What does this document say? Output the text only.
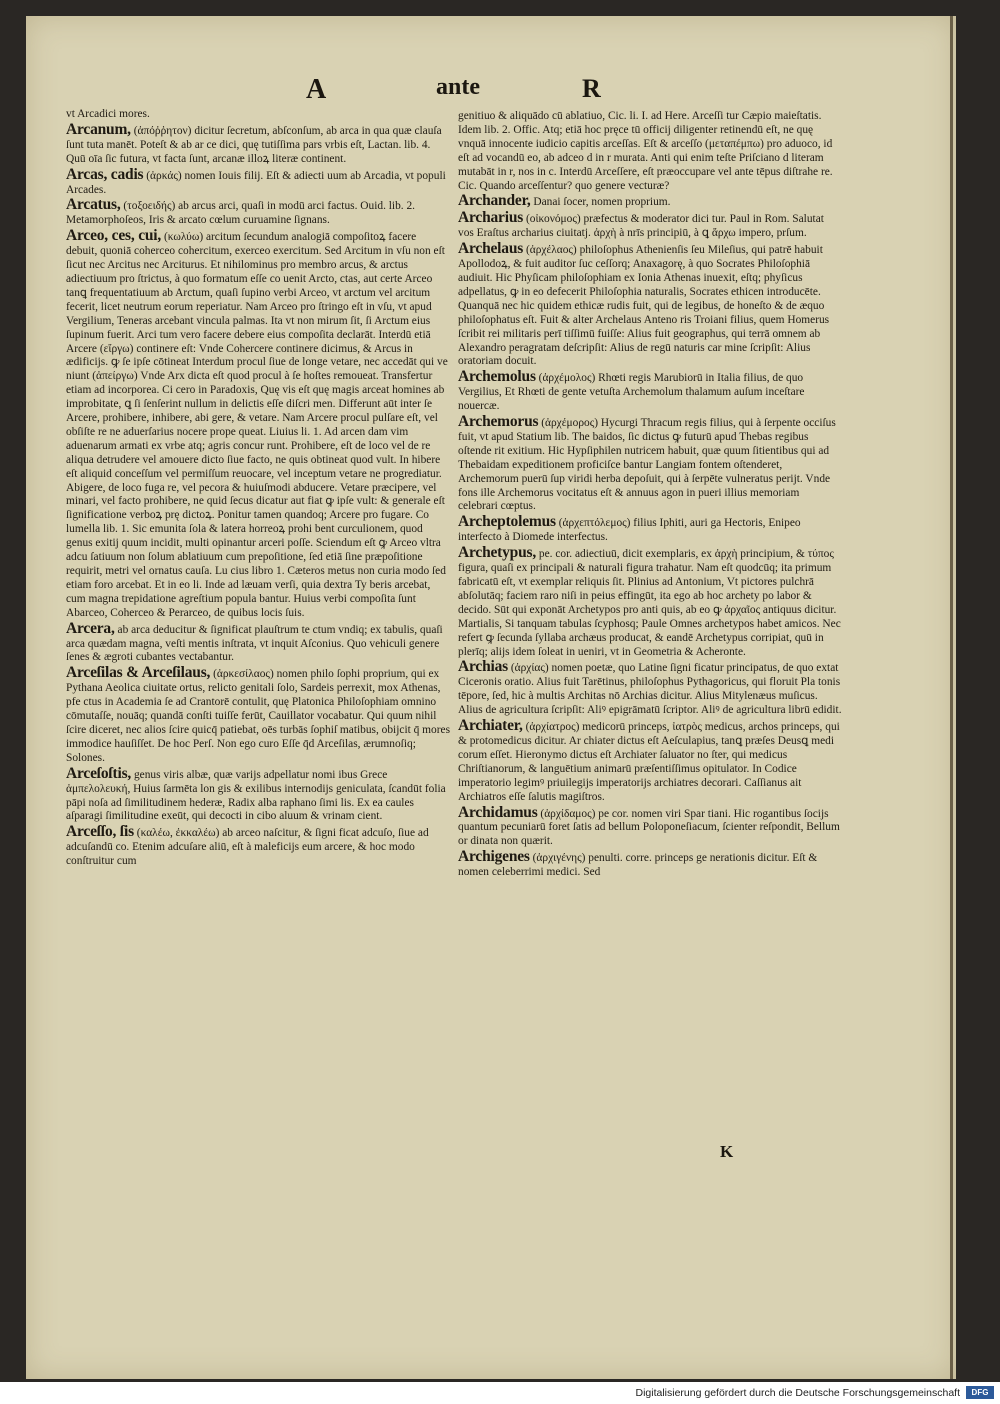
A	ante	R

vt Arcadici mores.

Arcanum, (ἀπόῤῥητον) dicitur ſecretum, abſconſum, ab arca in qua quæ clauſa ſunt tuta manēt. Poteſt & ab ar ce dici, quę tutiſſima pars vrbis eſt, Lactan. lib. 4. Quū oīa ſic futura, vt facta ſunt, arcanæ illoꝝ literæ continent.

Arcas, cadis (ἀρκάς) nomen Iouis filij. Eſt & adiecti uum ab Arcadia, vt populi Arcades.

Arcatus, (τοξοειδής) ab arcus arci, quaſi in modū arci factus. Ouid. lib. 2. Metamorphoſeos, Iris & arcato cœlum curuamine ſignans.

Arceo, ces, cui, (κωλύω) arcitum ſecundum analogiā compoſitoꝝ facere debuit, quoniā coherceo cohercitum, exerceo exercitum. Sed Arcitum in vſu non eſt ſicut nec Arcitus nec Arciturus. Et nihilominus pro membro arcus, & arctus adiectiuum pro ſtrictus, à quo formatum eſſe co uenit Arcto, ctas, aut certe Arceo tanꝗ frequentatiuum ab Arctum, quaſi ſupino verbi Arceo, vt arctum vel arcitum fecerit, licet neutrum eorum reperiatur. Nam Arceo pro ſtringo eſt in vſu, vt apud Vergilium, Teneras arcebant vincula palmas. Ita vt non mirum ſit, ſi Arctum eius ſupinum fuerit. Arci tum vero facere debere eius compoſita declarāt. Interdū etiā Arcere (εἴργω) continere eſt: Vnde Cohercere continere dicimus, & Arcus in ædificijs. ꝙ ſe ipſe cōtineat Interdum procul ſiue de longe vetare, nec accedāt qui ve niunt (ἀπείργω) Vnde Arx dicta eſt quod procul à ſe hoſtes remoueat. Transfertur etiam ad incorporea. Ci cero in Paradoxis, Quę vis eſt quę magis arceat homines ab improbitate, ꝗ ſi ſenſerint nullum in delictis eſſe diſcri men. Differunt aūt inter ſe Arcere, prohibere, inhibere, abi gere, & vetare. Nam Arcere procul pulſare eſt, vel obſiſte re ne aduerſarius nocere prope queat. Liuius li. 1. Ad arcen dam vim aduenarum armati ex vrbe atq; agris concur runt. Prohibere, eſt de loco vel de re aliqua detrudere vel amouere dicto ſiue facto, ne quis obtineat quod vult. In hibere eſt aliquid conceſſum vel permiſſum reuocare, vel inceptum vetare ne progrediatur. Abigere, de loco fuga re, vel pecora & huiuſmodi abducere. Vetare præcipere, vel minari, vel facto prohibere, ne quid ſecus dicatur aut fiat ꝙ ipſe vult: & generale eſt ſignificatione verboꝝ prę dictoꝝ. Ponitur tamen quandoq; Arcere pro fugare. Co lumella lib. 1. Sic emunita ſola & latera horreoꝝ prohi bent curculionem, quod genus exitij quum incidit, multi opinantur arceri poſſe. Sciendum eſt ꝙ Arceo vltra adcu ſatiuum non ſolum ablatiuum cum prepoſitione, ſed etiā ſine præpoſitione requirit, metri vel ornatus cauſa. Lu cius libro 1. Cæteros metus non curia modo ſed etiam foro arcebat. Et in eo li. Inde ad læuam verſi, quia dextra Ty beris arcebat, cum magna trepidatione agreſtium popula bantur. Huius verbi compoſita ſunt Abarceo, Coherceo & Perarceo, de quibus locis ſuis.

Arcera, ab arca deducitur & ſignificat plauſtrum te ctum vndiq; ex tabulis, quaſi arca quædam magna, veſti mentis inſtrata, vt inquit Aſconius. Quo vehiculi genere ſenes & ægroti cubantes vectabantur.

Arceſilas & Arceſilaus, (ἀρκεσίλαος) nomen philo ſophi proprium, qui ex Pythana Aeolica ciuitate ortus, relicto genitali ſolo, Sardeis perrexit, mox Athenas, pfe ctus in Academia ſe ad Crantorē contulit, quę Platonica Philoſophiam omnino cōmutaſſe, nouāq; quandā conſti tuiſſe ferūt, Cauillator vocabatur. Qui quum nihil ſcire diceret, nec alios ſcire quicq̄ patiebat, oēs turbās ſophiſ matibus, obijcit q̄ mores immodice hauſiſſet. De hoc Perſ. Non ego curo Eſſe q̄d Arceſilas, ærumnoſiq; Solones.

Arceſoſtis, genus viris albæ, quæ varijs adpellatur nomi ibus Grece ἀμπελολευκή, Huius ſarmēta lon gis & exilibus internodijs geniculata, ſcandūt folia pāpi noſa ad ſimilitudinem hederæ, Radix alba raphano ſimi lis. Ex ea caules aſparagi ſimilitudine exeūt, qui decocti in cibo aluum & vrinam cient.

Arceſſo, ſis (καλέω, ἐκκαλέω) ab arceo naſcitur, & ſigni ficat adcuſo, ſiue ad adcuſandū co. Etenim adcuſare aliū, eſt à maleficijs eum arcere, & hoc modo conſtruitur cum

genitiuo & aliquādo cū ablatiuo, Cic. li. I. ad Here. Arceſſi tur Cæpio maieſtatis. Idem lib. 2. Offic. Atq; etiā hoc pręce tū officij diligenter retinendū eſt, ne quę vnquā innocente iudicio capitis arceſſas. Eſt & arceſſo (μεταπέμπω) pro aduoco, id eſt ad vocandū eo, ab adceo d in r murata. Anti qui enim teſte Priſciano d literam mutabāt in r, nos in c. Interdū Arceſſere, eſt præoccupare vel ante tēpus diſtrahe re. Cic. Quando arceſſentur? quo genere vecturæ?

Archander, Danai ſocer, nomen proprium.

Archarius (οἰκονόμος) præfectus & moderator dici tur. Paul in Rom. Salutat vos Eraſtus archarius ciuitatj. ἀρχὴ à nrīs principiū, à ꝗ ἄρχω impero, prſum.

Archelaus (ἀρχέλαος) philoſophus Athenienſis ſeu Mileſius, qui patrē habuit Apollodoꝝ, & fuit auditor ſuc ceſſorq; Anaxagorę, à quo Socrates Philoſophiā audiuit. Hic Phyſicam philoſophiam ex Ionia Athenas inuexit, eſtq; phyſicus adpellatus, ꝙ in eo defecerit Philoſophia naturalis, Socrates ethicen introducēte. Quanquā nec hic quidem ethicæ rudis fuit, qui de legibus, de honeſto & de æquo philoſophatus eſt. Fuit & alter Archelaus Anteno ris Troiani filius, quem Homerus ſcribit rei militaris perī tiſſimū fuiſſe: Alius fuit geographus, qui terrā omnem ab Alexandro peragratam deſcripſit: Alius de regū naturis car mine ſcripſit: Alius oratoriam docuit.

Archemolus (ἀρχέμολος) Rhœti regis Marubiorū in Italia filius, de quo Vergilius, Et Rhœti de gente vetuſta Archemolum thalamum auſum inceſtare nouercæ.

Archemorus (ἀρχέμορος) Hycurgi Thracum regis filius, qui à ſerpente occiſus fuit, vt apud Statium lib. The baidos, ſic dictus ꝙ futurū apud Thebas regibus oſtende rit exitium. Hic Hypſiphilen nutricem habuit, quæ quum ſitientibus qui ad Thebaidam expeditionem proficiſce bantur Langiam fontem oſtenderet, Archemorum puerū ſup viridi herba depoſuit, qui à ſerpēte vulneratus perijt. Vnde fons ille Archemorus vocitatus eſt & annuus agon in pueri illius memoriam celebrari cœptus.

Archeptolemus (ἀρχεπτόλεμος) filius Iphiti, auri ga Hectoris, Enipeo interfecto à Diomede interfectus.

Archetypus, pe. cor. adiectiuū, dicit exemplaris, ex ἀρχὴ principium, & τύπος figura, quaſi ex principali & naturali figura trahatur. Nam eſt quodcūq; ita primum fabricatū eſt, vt exemplar reliquis ſit. Plinius ad Antonium, Vt pictores pulchrā abſolutāq; faciem raro niſi in peius effingūt, ita ego ab hoc archety po labor & decido. Sūt qui exponāt Archetypos pro anti quis, ab eo ꝙ ἀρχαῖος antiquus dicitur. Martialis, Si tanquam tabulas ſcyphosq; Paule Omnes archetypos habet amicos. Nec refert ꝙ ſecunda ſyllaba archæus producat, & eandē Archetypus corripiat, quū in plerīq; alijs idem ſoleat in ueniri, vt in Geometria & Acheronte.

Archias (ἀρχίας) nomen poetæ, quo Latine ſigni ficatur principatus, de quo extat Ciceronis oratio. Alius fuit Tarētinus, philoſophus Pythagoricus, qui floruit Pla tonis tēpore, ſed, hic à multis Architas nō Archias dicitur. Alius Mitylenæus muſicus. Alius de agricultura ſcripſit: Aliꝰ epigrāmatū ſcriptor. Aliꝰ de agricultura librū edidit.

Archiater, (ἀρχίατρος) medicorū princeps, ἰατρὸς medicus, archos princeps, qui & protomedicus dicitur. Ar chiater dictus eſt Aeſculapius, tanꝗ præſes Deusꝗ medi corum eſſet. Hieronymo dictus eſt Archiater ſaluator no ſter, qui medicus Chriſtianorum, & languētium animarū præſentiſſimus opitulator. In Codice imperatorio legimꝰ priuilegijs imperatorijs archiatres decorari. Caſſianus ait Archiatros eſſe ſalutis magiſtros.

Archidamus (ἀρχίδαμος) pe cor. nomen viri Spar tiani. Hic rogantibus ſocijs quantum pecuniarū foret ſatis ad bellum Poloponeſiacum, ſcienter reſpondit, Bellum or dinata non quærit.

Archigenes (ἀρχιγένης) penulti. corre. princeps ge nerationis dicitur. Eſt & nomen celeberrimi medici. Sed

K
Digitalisierung gefördert durch die Deutsche Forschungsgemeinschaft	DFG
